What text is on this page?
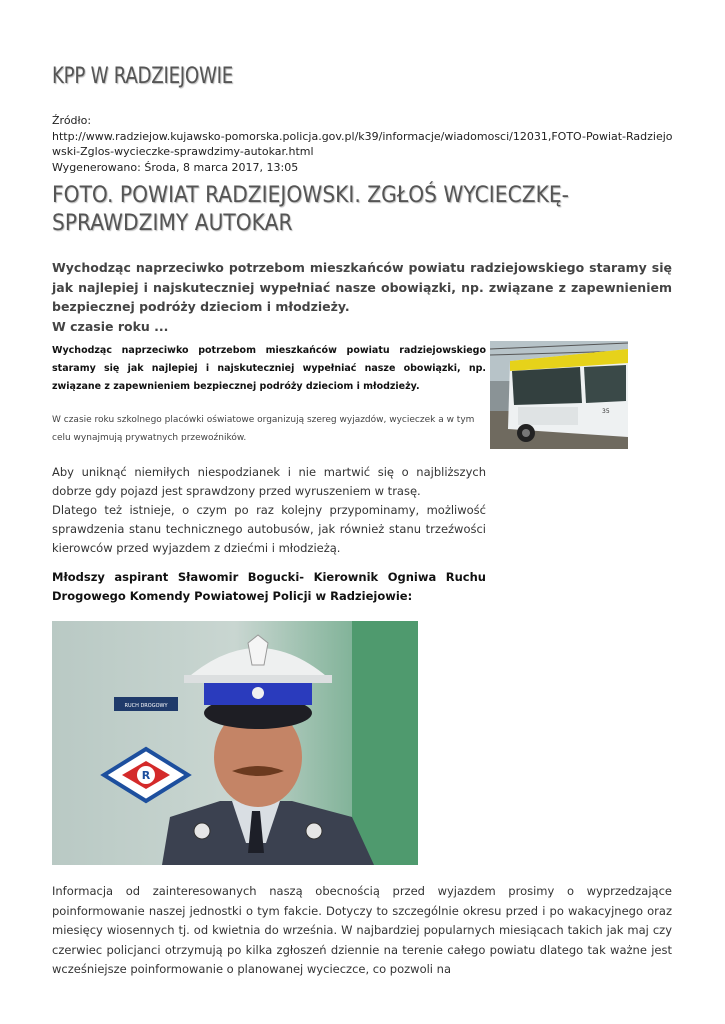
KPP W RADZIEJOWIE
Źródło:
http://www.radziejow.kujawsko-pomorska.policja.gov.pl/k39/informacje/wiadomosci/12031,FOTO-Powiat-Radziejowski-Zglos-wycieczke-sprawdzimy-autokar.html
Wygenerowano: Środa, 8 marca 2017, 13:05
FOTO. POWIAT RADZIEJOWSKI. ZGŁOŚ WYCIECZKĘ-SPRAWDZIMY AUTOKAR

Wychodząc naprzeciwko potrzebom mieszkańców powiatu radziejowskiego staramy się jak najlepiej i najskuteczniej wypełniać nasze obowiązki, np. związane z zapewnieniem bezpiecznej podróży dzieciom i młodzieży.

W czasie roku ...

Wychodząc naprzeciwko potrzebom mieszkańców powiatu radziejowskiego staramy się jak najlepiej i najskuteczniej wypełniać nasze obowiązki, np. związane z zapewnieniem bezpiecznej podróży dzieciom i młodzieży.
W czasie roku szkolnego placówki oświatowe organizują szereg wyjazdów, wycieczek a w tym celu wynajmują prywatnych przewoźników.
35

Aby uniknąć niemiłych niespodzianek i nie martwić się o najbliższych dobrze gdy pojazd jest sprawdzony przed wyruszeniem w trasę.

Dlatego też istnieje, o czym po raz kolejny przypominamy, możliwość sprawdzenia stanu technicznego autobusów, jak również stanu trzeźwości kierowców przed wyjazdem z dziećmi i młodzieżą.

Młodszy aspirant Sławomir Bogucki- Kierownik Ogniwa Ruchu Drogowego Komendy Powiatowej Policji w Radziejowie:
RUCH DROGOWY
R
Informacja od zainteresowanych naszą obecnością przed wyjazdem prosimy o wyprzedzające poinformowanie naszej jednostki o tym fakcie. Dotyczy to szczególnie okresu przed i po wakacyjnego oraz miesięcy wiosennych tj. od kwietnia do września. W najbardziej popularnych miesiącach takich jak maj czy czerwiec policjanci otrzymują po kilka zgłoszeń dziennie na terenie całego powiatu dlatego tak ważne jest wcześniejsze poinformowanie o planowanej wycieczce, co pozwoli na
